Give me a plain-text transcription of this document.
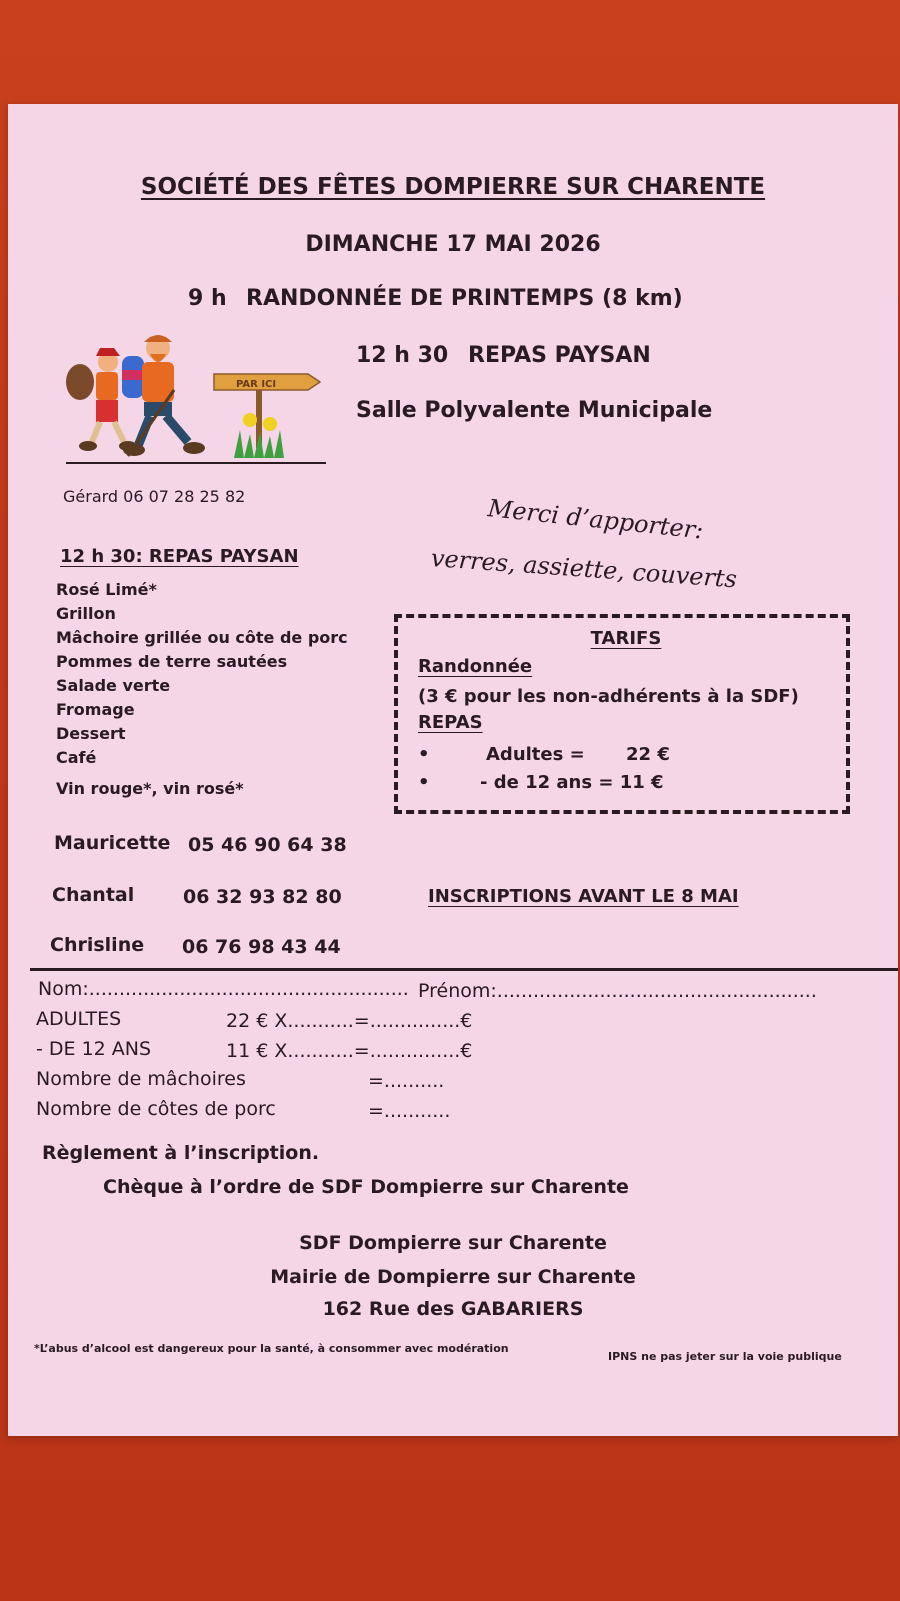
SOCIÉTÉ DES FÊTES DOMPIERRE SUR CHARENTE
DIMANCHE 17 MAI 2026
9 h RANDONNÉE DE PRINTEMPS (8 km)
12 h 30 REPAS PAYSAN
Salle Polyvalente Municipale
PAR ICI
Gérard 06 07 28 25 82	Merci d’apporter:
verres, assiette, couverts
12 h 30: REPAS PAYSAN
Rosé Limé*
Grillon
Mâchoire grillée ou côte de porc
Pommes de terre sautées
Salade verte
Fromage
Dessert
Café
Vin rouge*, vin rosé*
TARIFS
Randonnée
(3 € pour les non-adhérents à la SDF)
REPAS
•	Adultes = 22 €
•	- de 12 ans = 11 €
Mauricette 05 46 90 64 38
Chantal	06 32 93 82 80
Chrisline 06 76 98 43 44
INSCRIPTIONS AVANT LE 8 MAI
Nom:..................................................... Prénom:.....................................................
ADULTES	22 € X...........=...............€
- DE 12 ANS	11 € X...........=...............€
Nombre de mâchoires	=..........
Nombre de côtes de porc	=...........
Règlement à l’inscription.
Chèque à l’ordre de SDF Dompierre sur Charente
SDF Dompierre sur Charente
Mairie de Dompierre sur Charente
162 Rue des GABARIERS
*L’abus d’alcool est dangereux pour la santé, à consommer avec modération
IPNS ne pas jeter sur la voie publique
